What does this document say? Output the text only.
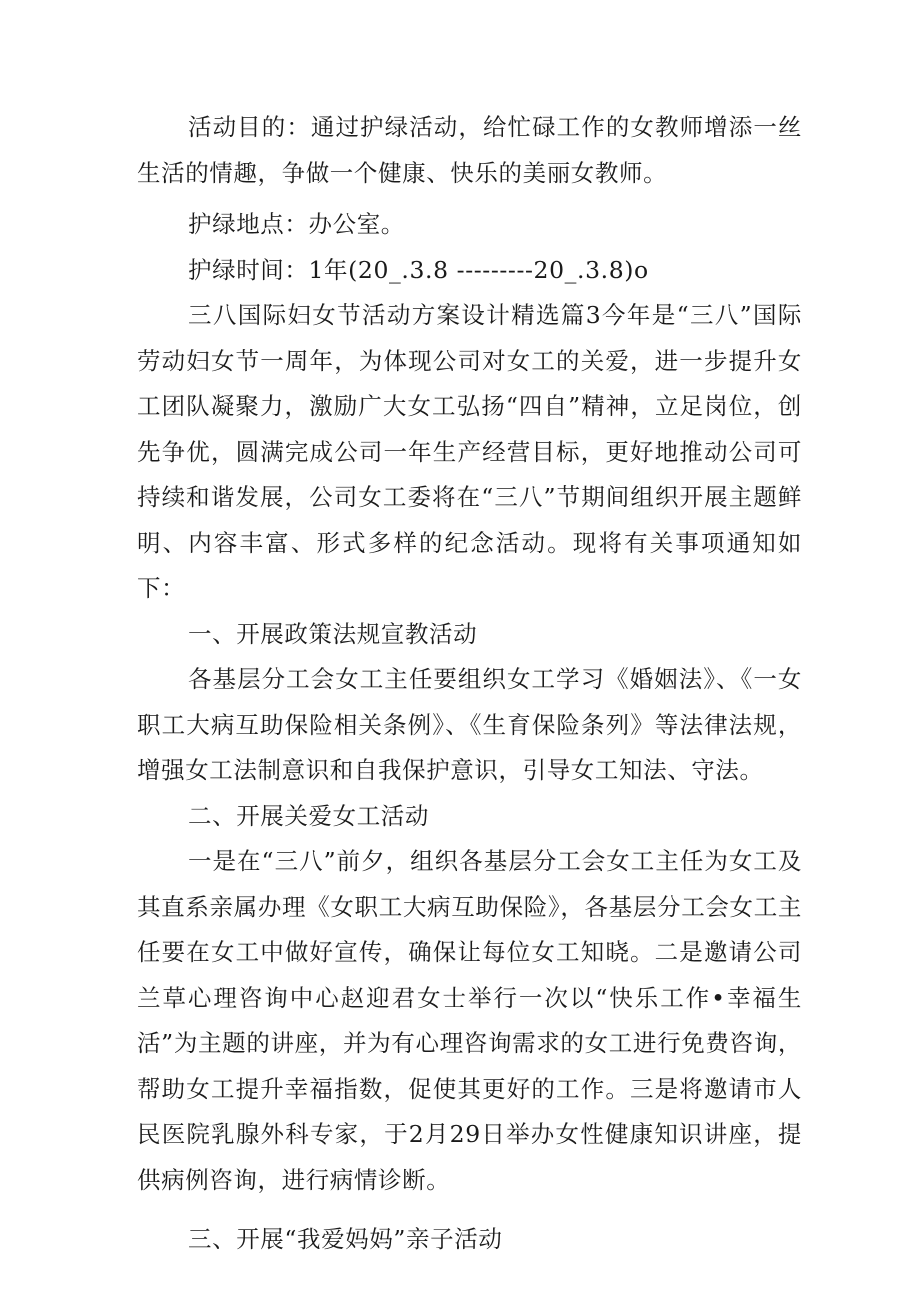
活动目的：通过护绿活动，给忙碌工作的女教师增添一丝生活的情趣，争做一个健康、快乐的美丽女教师。

护绿地点：办公室。

护绿时间：1年(20_.3.8 ---------20_.3.8)o

三八国际妇女节活动方案设计精选篇3今年是“三八”国际劳动妇女节一周年，为体现公司对女工的关爱，进一步提升女工团队凝聚力，激励广大女工弘扬“四自”精神，立足岗位，创先争优，圆满完成公司一年生产经营目标，更好地推动公司可持续和谐发展，公司女工委将在“三八”节期间组织开展主题鲜明、内容丰富、形式多样的纪念活动。现将有关事项通知如下：

一、开展政策法规宣教活动

各基层分工会女工主任要组织女工学习《婚姻法》、《一女职工大病互助保险相关条例》、《生育保险条列》等法律法规，增强女工法制意识和自我保护意识，引导女工知法、守法。

二、开展关爱女工活动

一是在“三八”前夕，组织各基层分工会女工主任为女工及其直系亲属办理《女职工大病互助保险》，各基层分工会女工主任要在女工中做好宣传，确保让每位女工知晓。二是邀请公司兰草心理咨询中心赵迎君女士举行一次以“快乐工作•幸福生活”为主题的讲座，并为有心理咨询需求的女工进行免费咨询，帮助女工提升幸福指数，促使其更好的工作。三是将邀请市人民医院乳腺外科专家，于2月29日举办女性健康知识讲座，提供病例咨询，进行病情诊断。

三、开展“我爱妈妈”亲子活动
